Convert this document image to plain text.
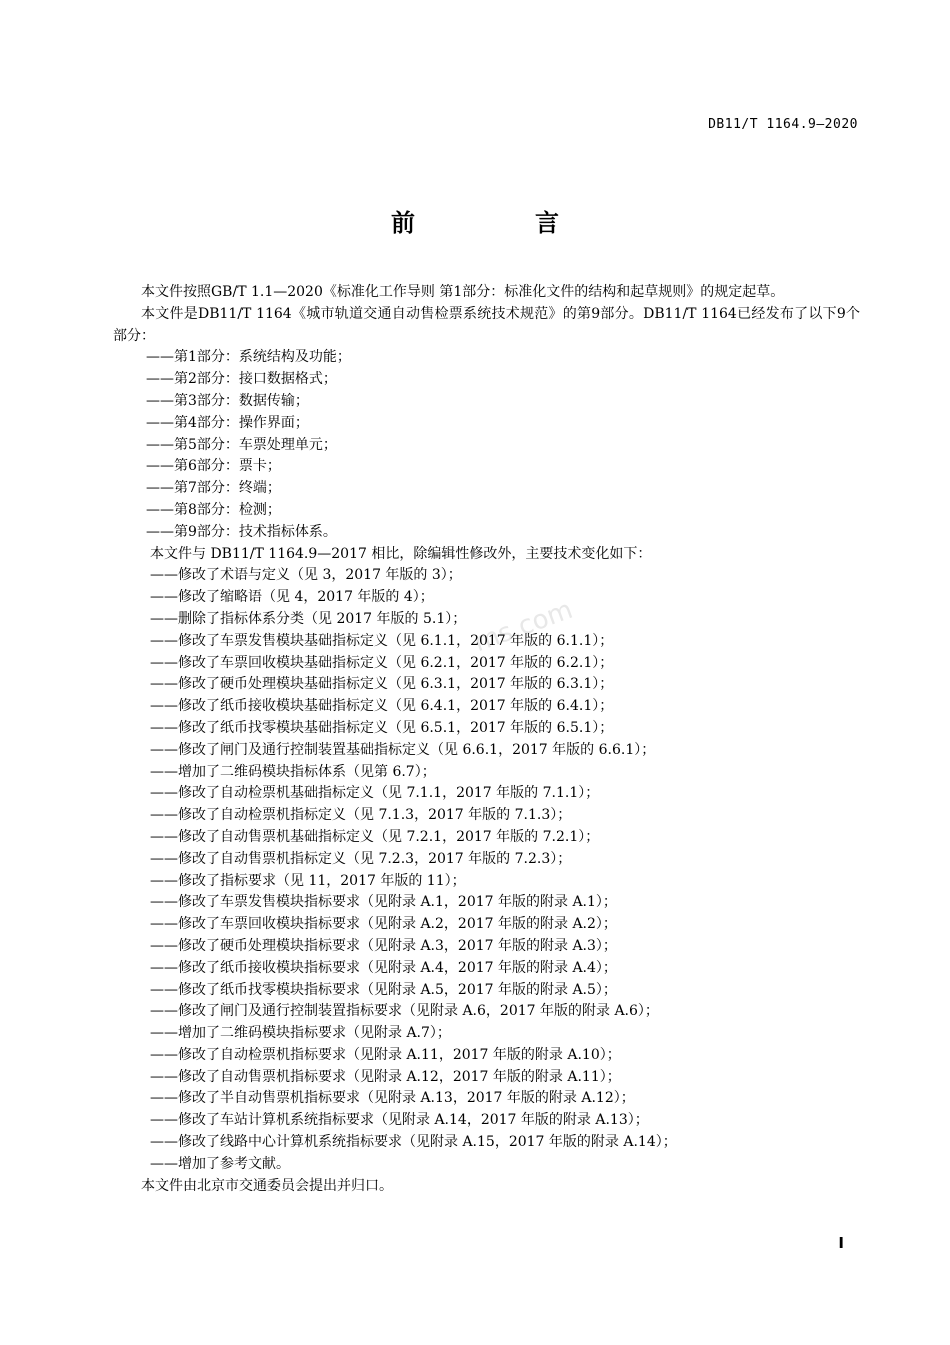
DB11/T 1164.9—2020
前　言
ms.com

本文件按照GB/T 1.1—2020《标准化工作导则 第1部分：标准化文件的结构和起草规则》的规定起草。

本文件是DB11/T 1164《城市轨道交通自动售检票系统技术规范》的第9部分。DB11/T 1164已经发布了以下9个部分：

——第1部分：系统结构及功能；

——第2部分：接口数据格式；

——第3部分：数据传输；

——第4部分：操作界面；

——第5部分：车票处理单元；

——第6部分：票卡；

——第7部分：终端；

——第8部分：检测；

——第9部分：技术指标体系。

本文件与 DB11/T 1164.9—2017 相比，除编辑性修改外，主要技术变化如下：

——修改了术语与定义（见 3，2017 年版的 3）；

——修改了缩略语（见 4，2017 年版的 4）；

——删除了指标体系分类（见 2017 年版的 5.1）；

——修改了车票发售模块基础指标定义（见 6.1.1，2017 年版的 6.1.1）；

——修改了车票回收模块基础指标定义（见 6.2.1，2017 年版的 6.2.1）；

——修改了硬币处理模块基础指标定义（见 6.3.1，2017 年版的 6.3.1）；

——修改了纸币接收模块基础指标定义（见 6.4.1，2017 年版的 6.4.1）；

——修改了纸币找零模块基础指标定义（见 6.5.1，2017 年版的 6.5.1）；

——修改了闸门及通行控制装置基础指标定义（见 6.6.1，2017 年版的 6.6.1）；

——增加了二维码模块指标体系（见第 6.7）；

——修改了自动检票机基础指标定义（见 7.1.1，2017 年版的 7.1.1）；

——修改了自动检票机指标定义（见 7.1.3，2017 年版的 7.1.3）；

——修改了自动售票机基础指标定义（见 7.2.1，2017 年版的 7.2.1）；

——修改了自动售票机指标定义（见 7.2.3，2017 年版的 7.2.3）；

——修改了指标要求（见 11，2017 年版的 11）；

——修改了车票发售模块指标要求（见附录 A.1，2017 年版的附录 A.1）；

——修改了车票回收模块指标要求（见附录 A.2，2017 年版的附录 A.2）；

——修改了硬币处理模块指标要求（见附录 A.3，2017 年版的附录 A.3）；

——修改了纸币接收模块指标要求（见附录 A.4，2017 年版的附录 A.4）；

——修改了纸币找零模块指标要求（见附录 A.5，2017 年版的附录 A.5）；

——修改了闸门及通行控制装置指标要求（见附录 A.6，2017 年版的附录 A.6）；

——增加了二维码模块指标要求（见附录 A.7）；

——修改了自动检票机指标要求（见附录 A.11，2017 年版的附录 A.10）；

——修改了自动售票机指标要求（见附录 A.12，2017 年版的附录 A.11）；

——修改了半自动售票机指标要求（见附录 A.13，2017 年版的附录 A.12）；

——修改了车站计算机系统指标要求（见附录 A.14，2017 年版的附录 A.13）；

——修改了线路中心计算机系统指标要求（见附录 A.15，2017 年版的附录 A.14）；

——增加了参考文献。

本文件由北京市交通委员会提出并归口。

I
